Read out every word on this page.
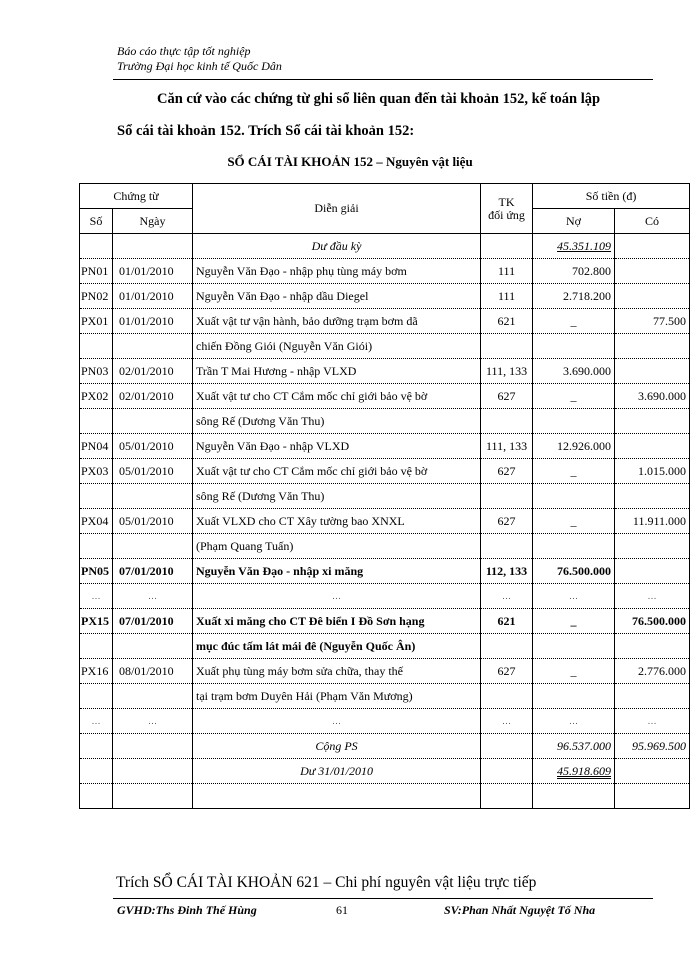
Báo cáo thực tập tốt nghiệp
Trường Đại học kinh tế Quốc Dân
Căn cứ vào các chứng từ ghi sổ liên quan đến tài khoản 152, kế toán lập
Sổ cái tài khoản 152. Trích Sổ cái tài khoản 152:
SỔ CÁI TÀI KHOẢN 152 – Nguyên vật liệu
Chứng từ		Diễn giải	TK
đối ứng	Số tiền (đ)	
Số	Ngày			Nợ	Có
		Dư đầu kỳ		45.351.109	
PN01	01/01/2010	Nguyễn Văn Đạo - nhập phụ tùng máy bơm	111	702.800	
PN02	01/01/2010	Nguyễn Văn Đạo - nhập dầu Diegel	111	2.718.200	
PX01	01/01/2010	Xuất vật tư vận hành, bảo dưỡng trạm bơm dã	621	_	77.500
		chiến Đồng Giói (Nguyễn Văn Giói)			
PN03	02/01/2010	Trần T Mai Hương - nhập VLXD	111, 133	3.690.000	
PX02	02/01/2010	Xuất vật tư cho CT Cắm mốc chỉ giới bảo vệ bờ	627	_	3.690.000
		sông Rế (Dương Văn Thu)			
PN04	05/01/2010	Nguyễn Văn Đạo - nhập VLXD	111, 133	12.926.000	
PX03	05/01/2010	Xuất vật tư cho CT Cắm mốc chỉ giới bảo vệ bờ	627	_	1.015.000
		sông Rế (Dương Văn Thu)			
PX04	05/01/2010	Xuất VLXD cho CT Xây tường bao XNXL	627	_	11.911.000
		(Phạm Quang Tuấn)			
PN05	07/01/2010	Nguyễn Văn Đạo - nhập xi măng	112, 133	76.500.000	
…	…	…	…	…	…
PX15	07/01/2010	Xuất xi măng cho CT Đê biển I Đồ Sơn hạng	621	_	76.500.000
		mục đúc tấm lát mái đê (Nguyễn Quốc Ân)			
PX16	08/01/2010	Xuất phụ tùng máy bơm sửa chữa, thay thế	627	_	2.776.000
		tại trạm bơm Duyên Hải (Phạm Văn Mương)			
…	…	…	…	…	…
		Cộng PS		96.537.000	95.969.500
		Dư 31/01/2010		45.918.609	

Trích SỔ CÁI TÀI KHOẢN 621 – Chi phí nguyên vật liệu trực tiếp
GVHD:Ths Đinh Thế Hùng	61	SV:Phan Nhất Nguyệt Tố Nha
